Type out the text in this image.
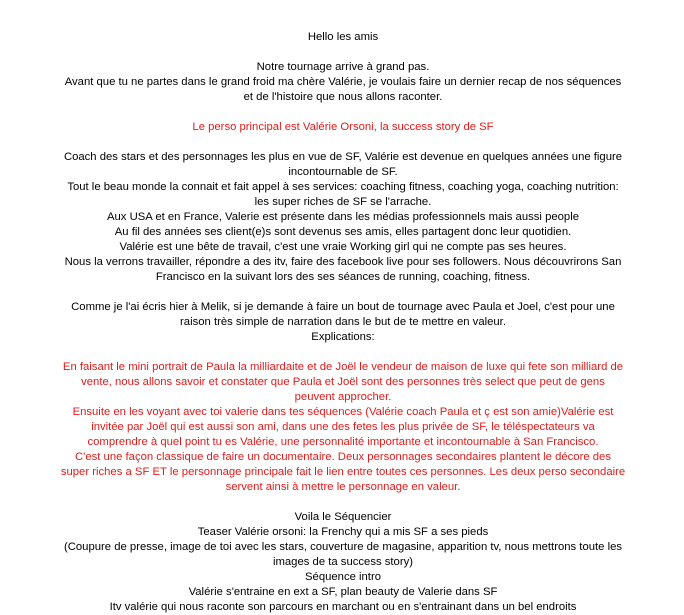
Hello les amis

Notre tournage arrive à grand pas.

Avant que tu ne partes dans le grand froid ma chère Valérie, je voulais faire un dernier recap de nos séquences et de l'histoire que nous allons raconter.

Le perso principal est Valérie Orsoni, la success story de SF

Coach des stars et des personnages les plus en vue de SF, Valérie est devenue en quelques années une figure incontournable de SF.

Tout le beau monde la connait et fait appel à ses services: coaching fitness, coaching yoga, coaching nutrition: les super riches de SF se l'arrache.

Aux USA et en France, Valerie est présente dans les médias professionnels mais aussi people

Au fil des années ses client(e)s sont devenus ses amis, elles partagent donc leur quotidien.

Valérie est une bête de travail, c'est une vraie Working girl qui ne compte pas ses heures.

Nous la verrons travailler, répondre a des itv, faire des facebook live pour ses followers. Nous découvrirons San Francisco en la suivant lors des ses séances de running, coaching, fitness.

Comme je l'ai écris hier à Melik, si je demande à faire un bout de tournage avec Paula et Joel, c'est pour une raison très simple de narration dans le but de te mettre en valeur.

Explications:

En faisant le mini portrait de Paula la milliardaite et de Joël le vendeur de maison de luxe qui fete son milliard de vente, nous allons savoir et constater que Paula et Joël sont des personnes très select que peut de gens peuvent approcher.

Ensuite en les voyant avec toi valerie dans tes séquences (Valérie coach Paula et ç est son amie)Valérie est invitée par Joël qui est aussi son ami, dans une des fetes les plus privée de SF, le téléspectateurs va comprendre à quel point tu es Valérie, une personnalité importante et incontournable à San Francisco.

C'est une façon classique de faire un documentaire. Deux personnages secondaires plantent le décore des super riches a SF ET le personnage principale fait le lien entre toutes ces personnes. Les deux perso secondaire servent ainsi à mettre le personnage en valeur.

Voila le Séquencier

Teaser Valérie orsoni: la Frenchy qui a mis SF a ses pieds

(Coupure de presse, image de toi avec les stars, couverture de magasine, apparition tv, nous mettrons toute les images de ta success story)

Séquence intro

Valérie s'entraine en ext a SF, plan beauty de Valerie dans SF

Itv valérie qui nous raconte son parcours en marchant ou en s'entrainant dans un bel endroits
